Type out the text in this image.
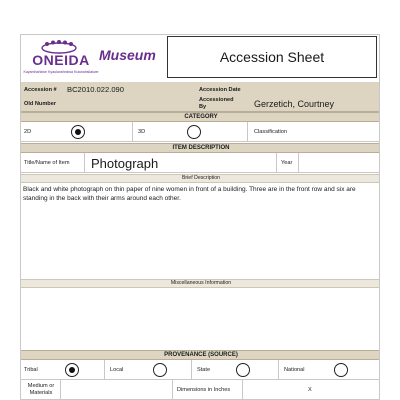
ONEIDA
Kayanthahkwe Kyaukwahnkwa Kukwahsilakwe
Museum	Accession Sheet
Accession # BC2010.022.090	Accession Date
Old Number
Accessioned By	Gerzetich, Courtney
CATEGORY
2D	3D	Classification
ITEM DESCRIPTION
Title/Name of Item Photograph	Year
Brief Description
Black and white photograph on thin paper of nine women in front of a building. Three are in the front row and six are standing in the back with their arms around each other.
Miscellaneous Information
PROVENANCE (SOURCE)
Tribal	Local	State	National
Medium or Materials	Dimensions in Inches	X
